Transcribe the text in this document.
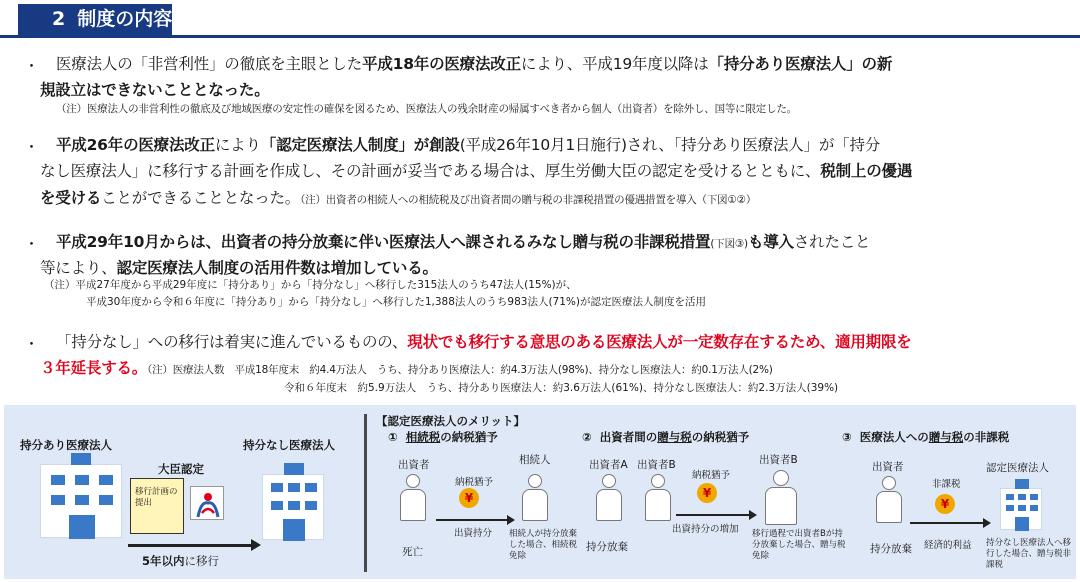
2 制度の内容
・ 医療法人の「非営利性」の徹底を主眼とした平成18年の医療法改正により、平成19年度以降は「持分あり医療法人」の新
規設立はできないこととなった。
（注）医療法人の非営利性の徹底及び地域医療の安定性の確保を図るため、医療法人の残余財産の帰属すべき者から個人（出資者）を除外し、国等に限定した。
・ 平成26年の医療法改正により「認定医療法人制度」が創設(平成26年10月1日施行)され、「持分あり医療法人」が「持分
なし医療法人」に移行する計画を作成し、その計画が妥当である場合は、厚生労働大臣の認定を受けるとともに、税制上の優遇
を受けることができることとなった。（注）出資者の相続人への相続税及び出資者間の贈与税の非課税措置の優遇措置を導入（下図①②）
・ 平成29年10月からは、出資者の持分放棄に伴い医療法人へ課されるみなし贈与税の非課税措置(下図③)も導入されたこと
等により、認定医療法人制度の活用件数は増加している。
（注）平成27年度から平成29年度に「持分あり」から「持分なし」へ移行した315法人のうち47法人(15%)が、
平成30年度から令和６年度に「持分あり」から「持分なし」へ移行した1,388法人のうち983法人(71%)が認定医療法人制度を活用
・ 「持分なし」への移行は着実に進んでいるものの、現状でも移行する意思のある医療法人が一定数存在するため、適用期限を
３年延長する。（注）医療法人数　平成18年度末　約4.4万法人　うち、持分あり医療法人：約4.3万法人(98%)、持分なし医療法人：約0.1万法人(2%)
令和６年度末　約5.9万法人　うち、持分あり医療法人：約3.6万法人(61%)、持分なし医療法人：約2.3万法人(39%)
持分あり医療法人	持分なし医療法人
大臣認定
移行計画の提出
5年以内に移行
【認定医療法人のメリット】
① 相続税の納税猶予
出資者	相続人
納税猶予
¥
出資持分
死亡
相続人が持分放棄した場合、相続税免除
② 出資者間の贈与税の納税猶予
出資者A 出資者B	出資者B
納税猶予
¥
出資持分の増加
持分放棄
移行過程で出資者Bが持分放棄した場合、贈与税免除
③ 医療法人への贈与税の非課税
出資者	認定医療法人
非課税
¥
持分放棄 経済的利益 持分なし医療法人へ移行した場合、贈与税非課税
